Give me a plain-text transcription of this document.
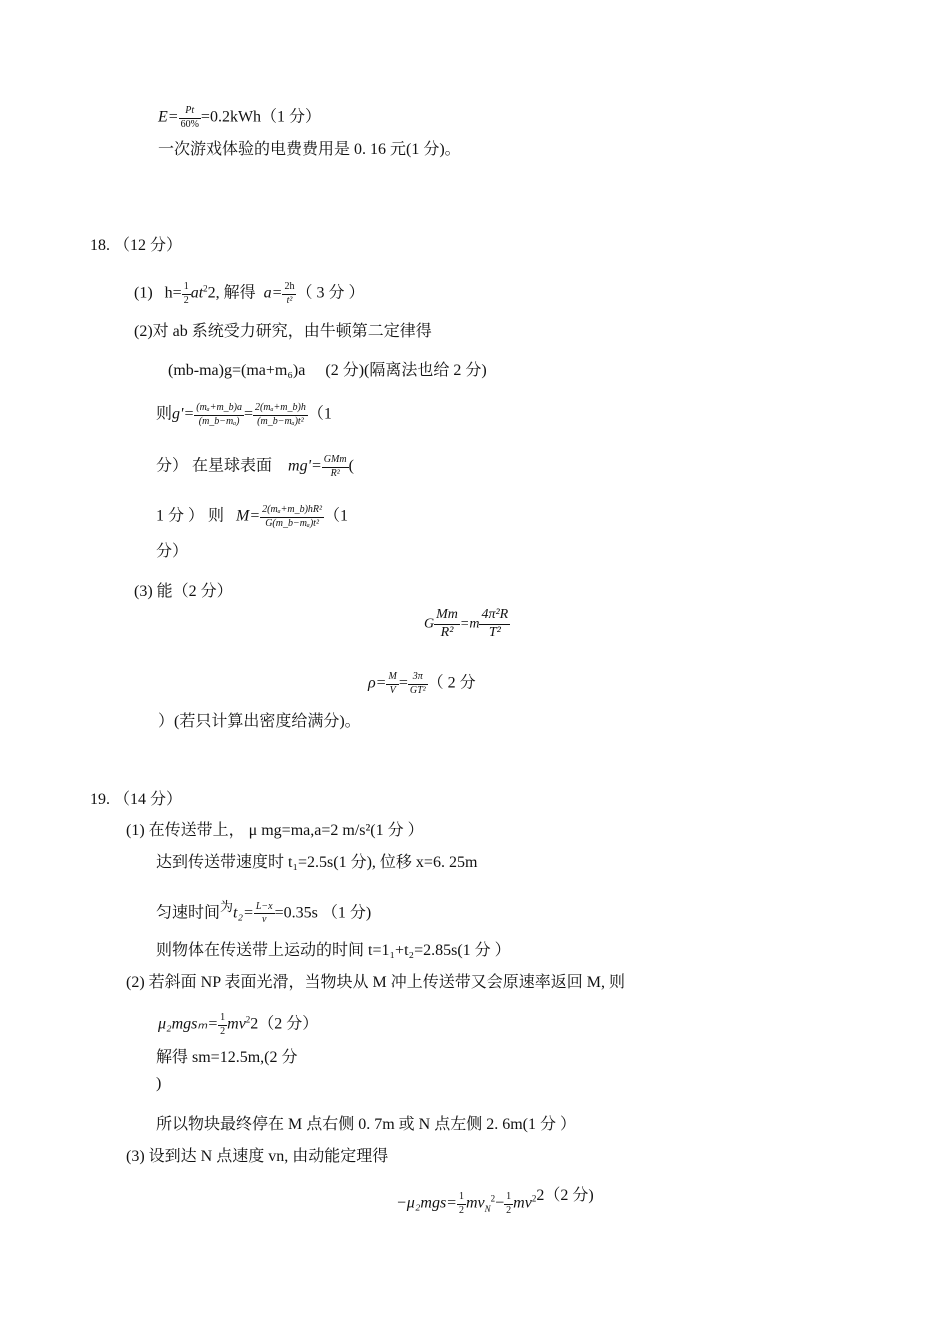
$E= \frac{Pt}{60\%} =0.2kWh(1$ 分）
一次游戏体验的电费费用是 0. 16 元(1 分)。
18. （12 分）
(1) $h= \frac{1}{2} at^22$, 解得 $a= \frac{2h}{\text{t²}}$ （ 3 分 ）
(2)对 ab 系统受力研究，由牛顿第二定律得
(mb-ma)g=(ma+m₆)a (2 分)(隔离法也给 2 分)
则$g'= \frac{\text{(mₐ+m\_b)a}}{\text{(m\_b−mₐ)}} = \frac{\text{2(mₐ+m\_b)h}}{\text{(m\_b−mₐ)t²}} (1$
分） 在星球表面 $mg'= \frac{\text{GMm}}{\text{R²}}$ (
1 分 ） 则 $M= \frac{\text{2(mₐ+m\_b)hR²}}{\text{G(m\_b−mₐ)t²}} (1$
分）
(3) 能（2 分）
G $\frac{Mm}{\text{R²}} =m \frac{\text{4π²R}}{\text{T²}}$
$\rho= \frac{M}{V} = \frac{3\pi}{\text{GT²}}$ （ 2 分
）(若只计算出密度给满分)。
19. （14 分）
(1) 在传送带上， μ mg=ma,a=2 m/s²(1 分 ）
达到传送带速度时 t₁=2.5s(1 分), 位移 x=6. 25m
匀速时间$^为t_2= \frac{L-x}{v} =0.35s$ （1 分)
则物体在传送带上运动的时间 t=1₁+t₂=2.85s(1 分 ）
(2) 若斜面 NP 表面光滑，当物块从 M 冲上传送带又会原速率返回 M, 则
$\mu_2mgs_m= \frac{1}{2} mv^22(2$ 分）
解得 sm=12.5m,(2 分
)
所以物块最终停在 M 点右侧 0. 7m 或 N 点左侧 2. 6m(1 分 ）
(3) 设到达 N 点速度 vn, 由动能定理得
$-\mu_2mgs= \frac{1}{2} mv_N^2- \frac{1}{2} mv^22(2$ 分)
